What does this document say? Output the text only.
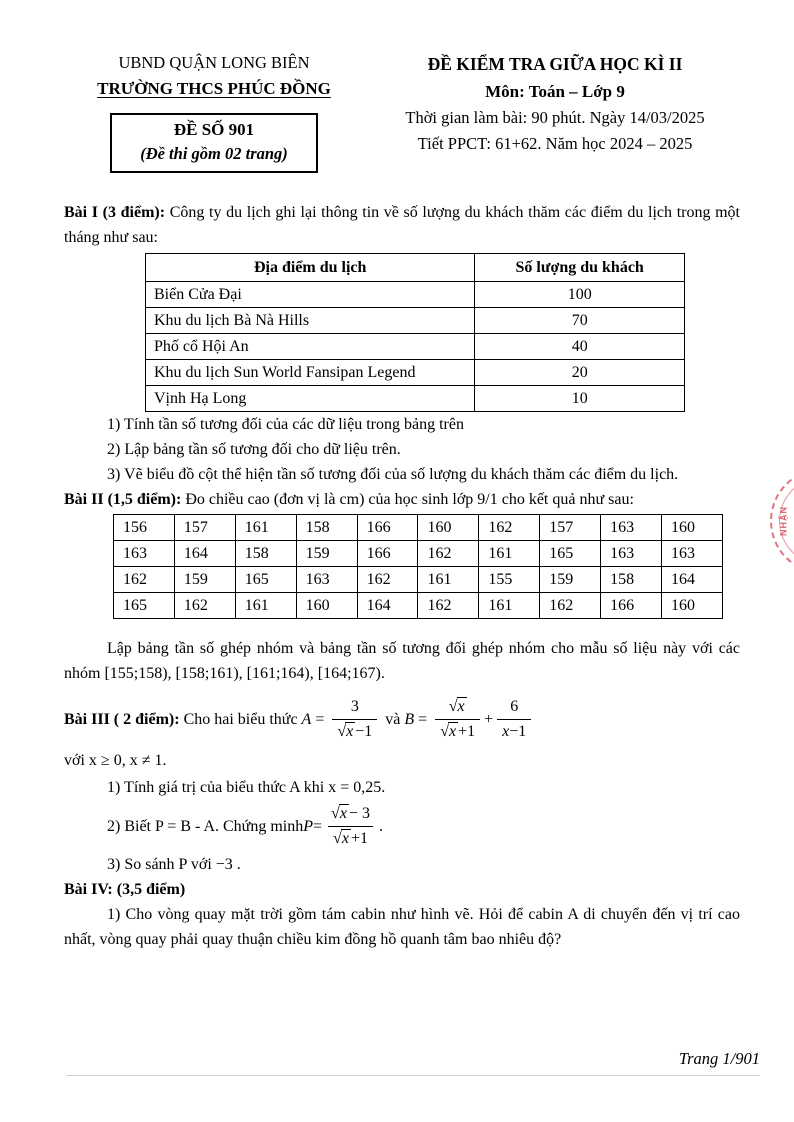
UBND QUẬN LONG BIÊN
TRƯỜNG THCS PHÚC ĐỒNG
ĐỀ SỐ 901
(Đề thi gồm 02 trang)
ĐỀ KIỂM TRA GIỮA HỌC KÌ II
Môn: Toán – Lớp 9
Thời gian làm bài: 90 phút. Ngày 14/03/2025
Tiết PPCT: 61+62. Năm học 2024 – 2025

Bài I (3 điểm): Công ty du lịch ghi lại thông tin về số lượng du khách thăm các điểm du lịch trong một tháng như sau:

Địa điểm du lịch	Số lượng du khách
Biển Cửa Đại	100
Khu du lịch Bà Nà Hills	70
Phố cổ Hội An	40
Khu du lịch Sun World Fansipan Legend	20
Vịnh Hạ Long	10
1) Tính tần số tương đối của các dữ liệu trong bảng trên
2) Lập bảng tần số tương đối cho dữ liệu trên.

3) Vẽ biểu đồ cột thể hiện tần số tương đối của số lượng du khách thăm các điểm du lịch.

Bài II (1,5 điểm): Đo chiều cao (đơn vị là cm) của học sinh lớp 9/1 cho kết quả như sau:

156	157	161	158	166	160	162	157	163	160
163	164	158	159	166	162	161	165	163	163
162	159	165	163	162	161	155	159	158	164
165	162	161	160	164	162	161	162	166	160

Lập bảng tần số ghép nhóm và bảng tần số tương đối ghép nhóm cho mẫu số liệu này với các nhóm [155;158), [158;161), [161;164), [164;167).

Bài III ( 2 điểm): Cho hai biểu thức $A = \frac{3}{√x -1}$ và $B = \frac{√x}{√x +1} + \frac{6}{x-1}$
với x ≥ 0, x ≠ 1.
1) Tính giá trị của biểu thức A khi x = 0,25.
2) Biết P = B - A. Chứng minh $P = \frac{√x - 3}{√x +1}$ .
3) So sánh P với −3 .
Bài IV: (3,5 điểm)

1) Cho vòng quay mặt trời gồm tám cabin như hình vẽ. Hỏi để cabin A di chuyển đến vị trí cao nhất, vòng quay phải quay thuận chiều kim đồng hồ quanh tâm bao nhiêu độ?

NHẬN
Trang 1/901
